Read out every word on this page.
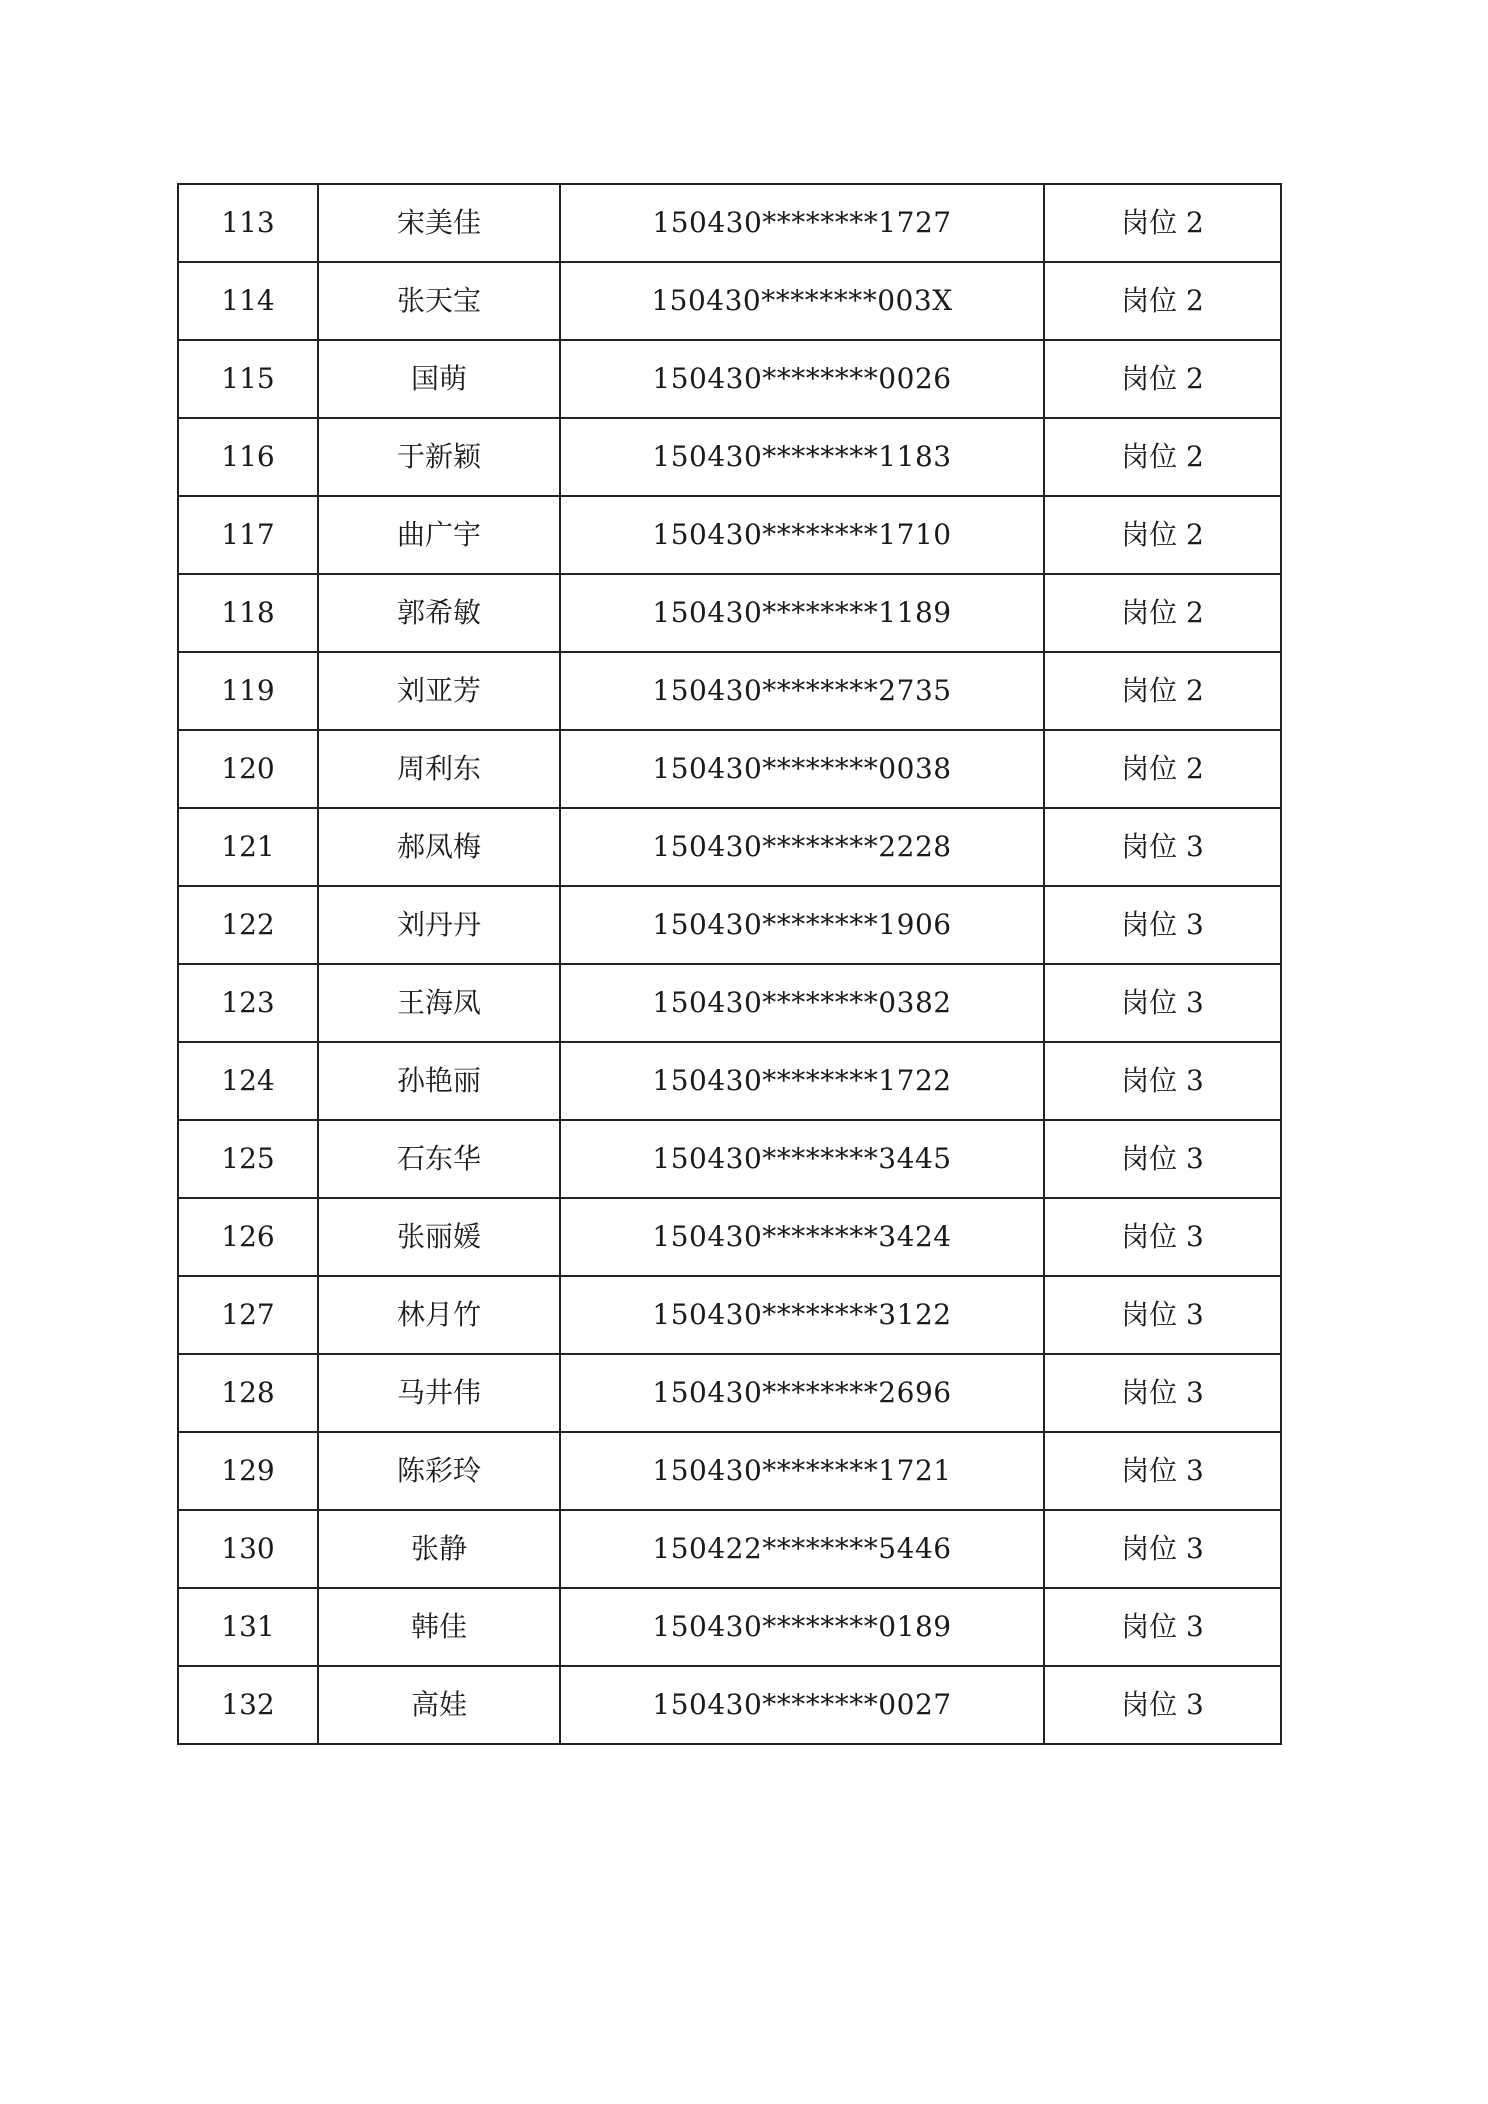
113	宋美佳	150430********1727	岗位 2
114	张天宝	150430********003X	岗位 2
115	国萌	150430********0026	岗位 2
116	于新颖	150430********1183	岗位 2
117	曲广宇	150430********1710	岗位 2
118	郭希敏	150430********1189	岗位 2
119	刘亚芳	150430********2735	岗位 2
120	周利东	150430********0038	岗位 2
121	郝凤梅	150430********2228	岗位 3
122	刘丹丹	150430********1906	岗位 3
123	王海凤	150430********0382	岗位 3
124	孙艳丽	150430********1722	岗位 3
125	石东华	150430********3445	岗位 3
126	张丽媛	150430********3424	岗位 3
127	林月竹	150430********3122	岗位 3
128	马井伟	150430********2696	岗位 3
129	陈彩玲	150430********1721	岗位 3
130	张静	150422********5446	岗位 3
131	韩佳	150430********0189	岗位 3
132	高娃	150430********0027	岗位 3
